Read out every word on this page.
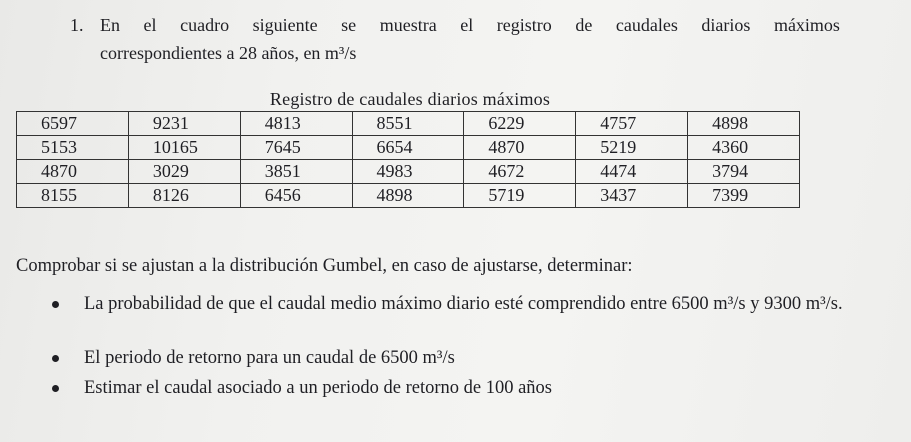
1. En el cuadro siguiente se muestra el registro de caudales diarios máximos
correspondientes a 28 años, en m³/s
Registro de caudales diarios máximos
6597	9231	4813	8551	6229	4757	4898
5153	10165	7645	6654	4870	5219	4360
4870	3029	3851	4983	4672	4474	3794
8155	8126	6456	4898	5719	3437	7399
Comprobar si se ajustan a la distribución Gumbel, en caso de ajustarse, determinar:
La probabilidad de que el caudal medio máximo diario esté comprendido entre 6500 m³/s y 9300 m³/s.
El periodo de retorno para un caudal de 6500 m³/s
Estimar el caudal asociado a un periodo de retorno de 100 años
